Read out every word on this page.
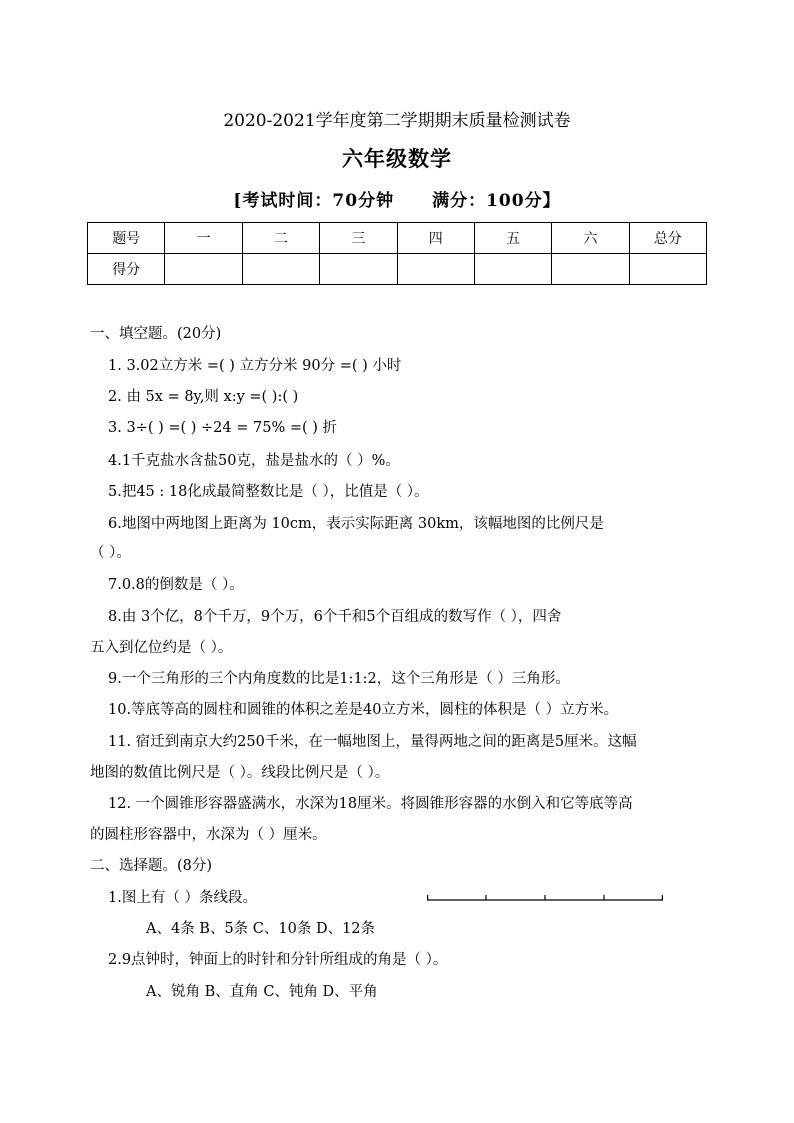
2020-2021学年度第二学期期末质量检测试卷
六年级数学
[考试时间：70分钟 满分：100分】
题号	一	二	三	四	五	六	总分
得分							
一、填空题。(20分)
1. 3.02立方米 =( ) 立方分米 90分 =( ) 小时
2. 由 5x = 8y,则 x:y =( ):( )
3. 3÷( ) =( ) ÷24 = 75% =( ) 折
4.1千克盐水含盐50克，盐是盐水的（ ）%。
5.把45 : 18化成最简整数比是（ ），比值是（ ）。
6.地图中两地图上距离为 10cm，表示实际距离 30km，该幅地图的比例尺是
（ ）。
7.0.8的倒数是（ ）。
8.由 3个亿，8个千万，9个万，6个千和5个百组成的数写作（ ），四舍
五入到亿位约是（ ）。
9.一个三角形的三个内角度数的比是1:1:2，这个三角形是（ ）三角形。
10.等底等高的圆柱和圆锥的体积之差是40立方米，圆柱的体积是（ ）立方米。
11. 宿迁到南京大约250千米，在一幅地图上，量得两地之间的距离是5厘米。这幅
地图的数值比例尺是（ ）。线段比例尺是（ ）。
12. 一个圆锥形容器盛满水，水深为18厘米。将圆锥形容器的水倒入和它等底等高
的圆柱形容器中，水深为（ ）厘米。
二、选择题。(8分)
1.图上有（ ）条线段。
A、4条 B、5条 C、10条 D、12条
2.9点钟时，钟面上的时针和分针所组成的角是（ ）。
A、锐角 B、直角 C、钝角 D、平角
